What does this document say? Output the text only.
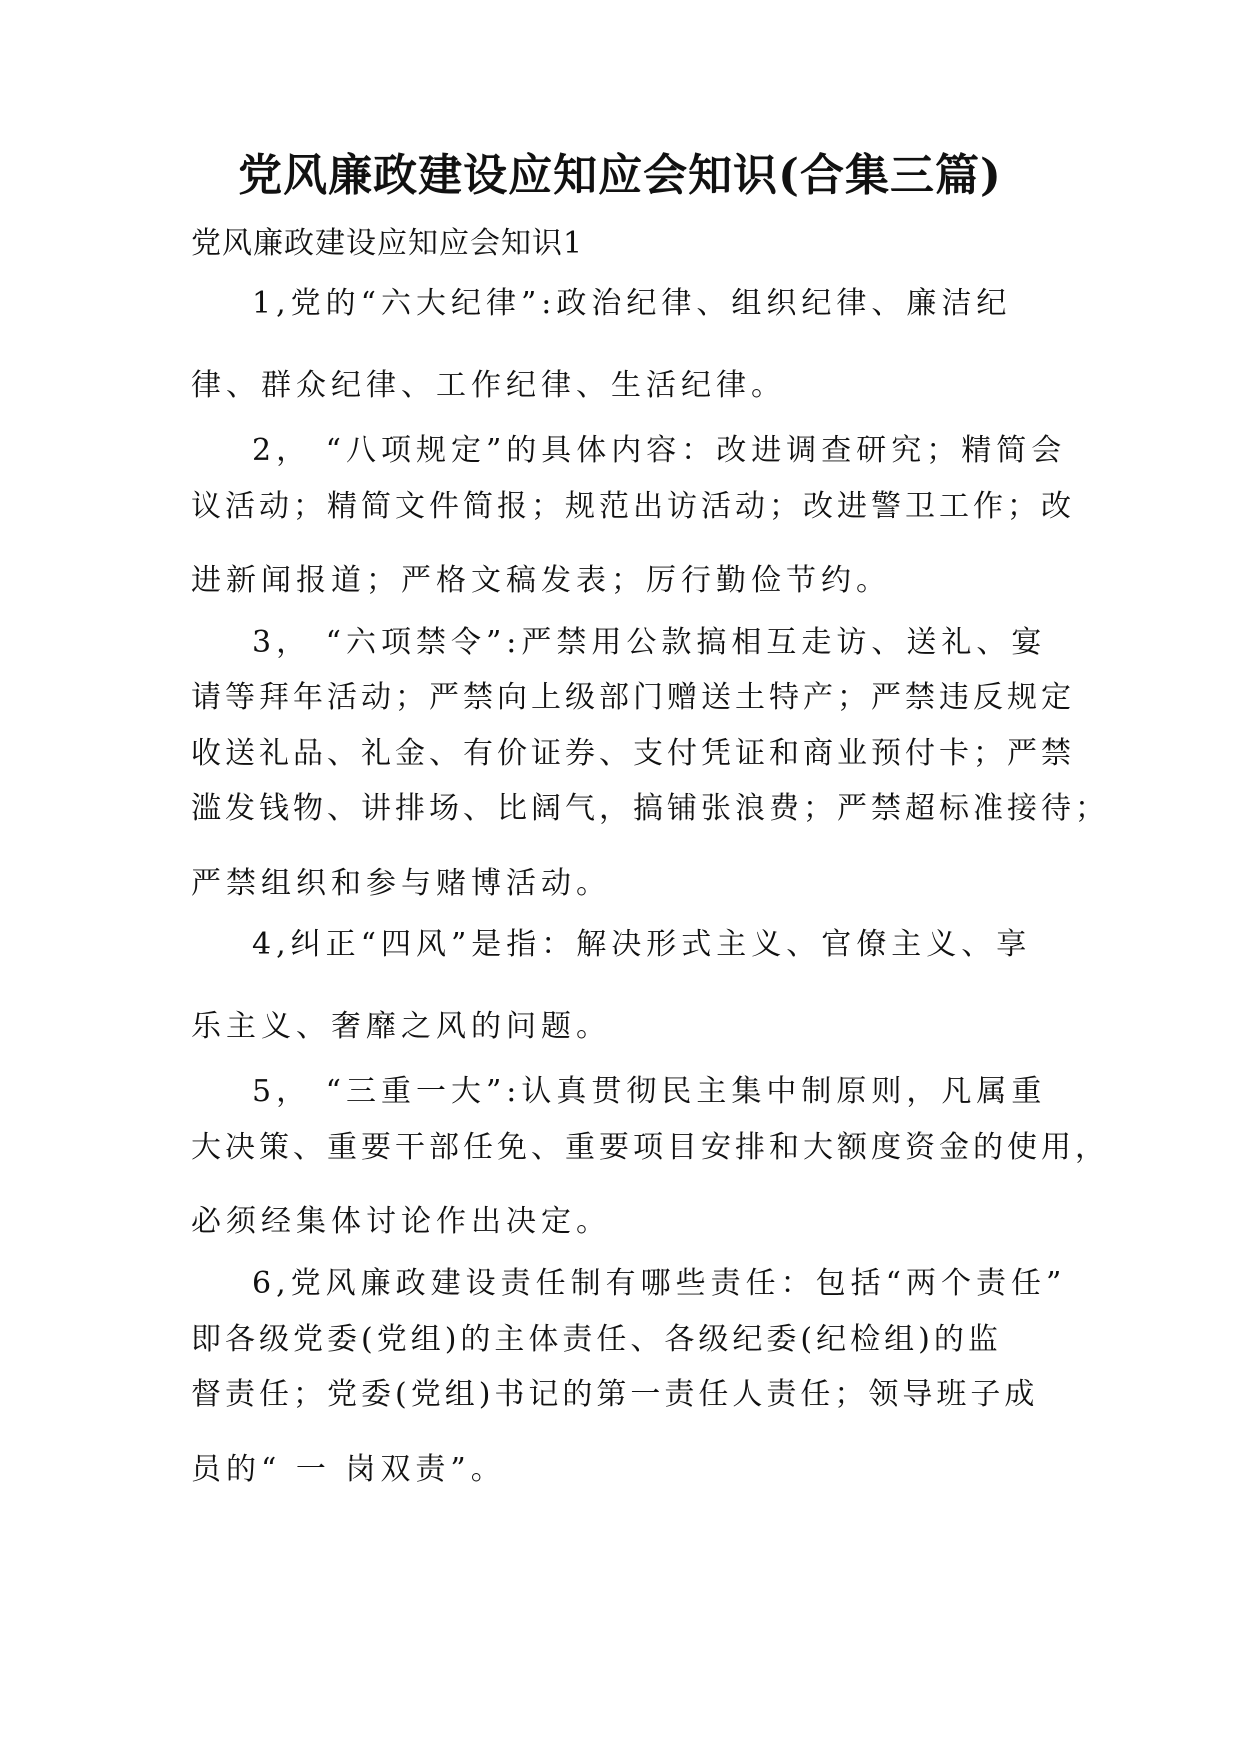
党风廉政建设应知应会知识(合集三篇)
党风廉政建设应知应会知识1
1,党的“六大纪律”:政治纪律、组织纪律、廉洁纪
律、群众纪律、工作纪律、生活纪律。
2， “八项规定”的具体内容：改进调查研究；精简会
议活动；精简文件简报；规范出访活动；改进警卫工作；改
进新闻报道；严格文稿发表；厉行勤俭节约。
3， “六项禁令”:严禁用公款搞相互走访、送礼、宴
请等拜年活动；严禁向上级部门赠送土特产；严禁违反规定
收送礼品、礼金、有价证券、支付凭证和商业预付卡；严禁
滥发钱物、讲排场、比阔气，搞铺张浪费；严禁超标准接待；
严禁组织和参与赌博活动。
4,纠正“四风”是指：解决形式主义、官僚主义、享
乐主义、奢靡之风的问题。
5， “三重一大”:认真贯彻民主集中制原则，凡属重
大决策、重要干部任免、重要项目安排和大额度资金的使用，
必须经集体讨论作出决定。
6,党风廉政建设责任制有哪些责任：包括“两个责任”
即各级党委(党组)的主体责任、各级纪委(纪检组)的监
督责任；党委(党组)书记的第一责任人责任；领导班子成
员的“ 一 岗双责”。
